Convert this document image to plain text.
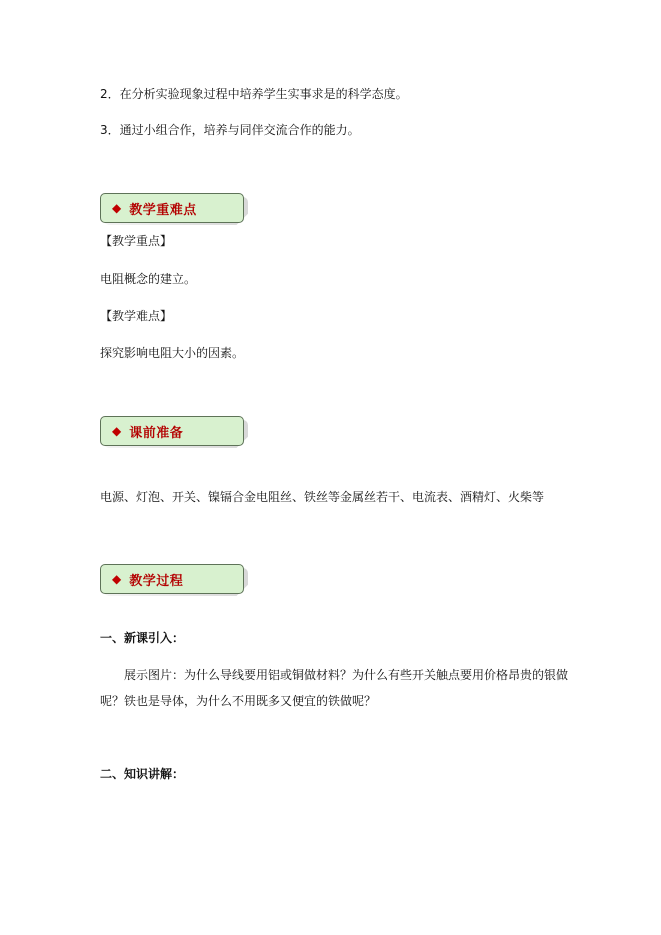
2．在分析实验现象过程中培养学生实事求是的科学态度。
3．通过小组合作，培养与同伴交流合作的能力。
◆ 教学重难点
【教学重点】
电阻概念的建立。
【教学难点】
探究影响电阻大小的因素。
◆ 课前准备
电源、灯泡、开关、镍镉合金电阻丝、铁丝等金属丝若干、电流表、酒精灯、火柴等
◆ 教学过程
一、新课引入：
展示图片：为什么导线要用铝或铜做材料？为什么有些开关触点要用价格昂贵的银做呢？铁也是导体，为什么不用既多又便宜的铁做呢？
二、知识讲解：
